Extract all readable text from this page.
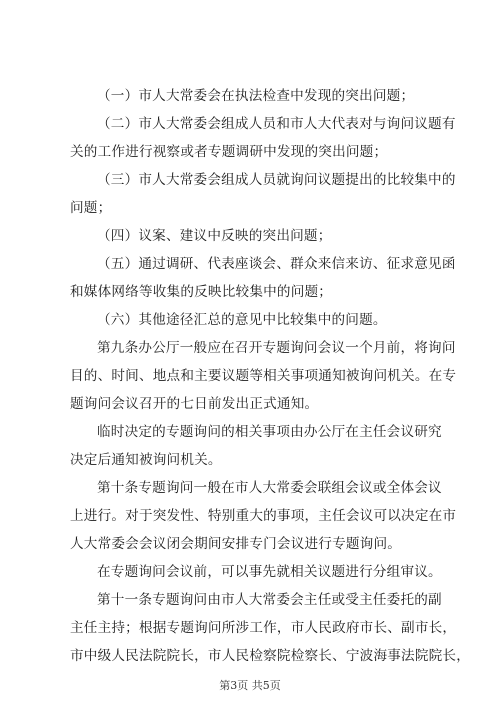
（一）市人大常委会在执法检查中发现的突出问题；
（二）市人大常委会组成人员和市人大代表对与询问议题有
关的工作进行视察或者专题调研中发现的突出问题；
（三）市人大常委会组成人员就询问议题提出的比较集中的
问题；
（四）议案、建议中反映的突出问题；
（五）通过调研、代表座谈会、群众来信来访、征求意见函
和媒体网络等收集的反映比较集中的问题；
（六）其他途径汇总的意见中比较集中的问题。
第九条办公厅一般应在召开专题询问会议一个月前，将询问
目的、时间、地点和主要议题等相关事项通知被询问机关。在专
题询问会议召开的七日前发出正式通知。
临时决定的专题询问的相关事项由办公厅在主任会议研究
决定后通知被询问机关。
第十条专题询问一般在市人大常委会联组会议或全体会议
上进行。对于突发性、特别重大的事项，主任会议可以决定在市
人大常委会会议闭会期间安排专门会议进行专题询问。
在专题询问会议前，可以事先就相关议题进行分组审议。
第十一条专题询问由市人大常委会主任或受主任委托的副
主任主持；根据专题询问所涉工作，市人民政府市长、副市长，
市中级人民法院院长，市人民检察院检察长、宁波海事法院院长，
第3页 共5页
